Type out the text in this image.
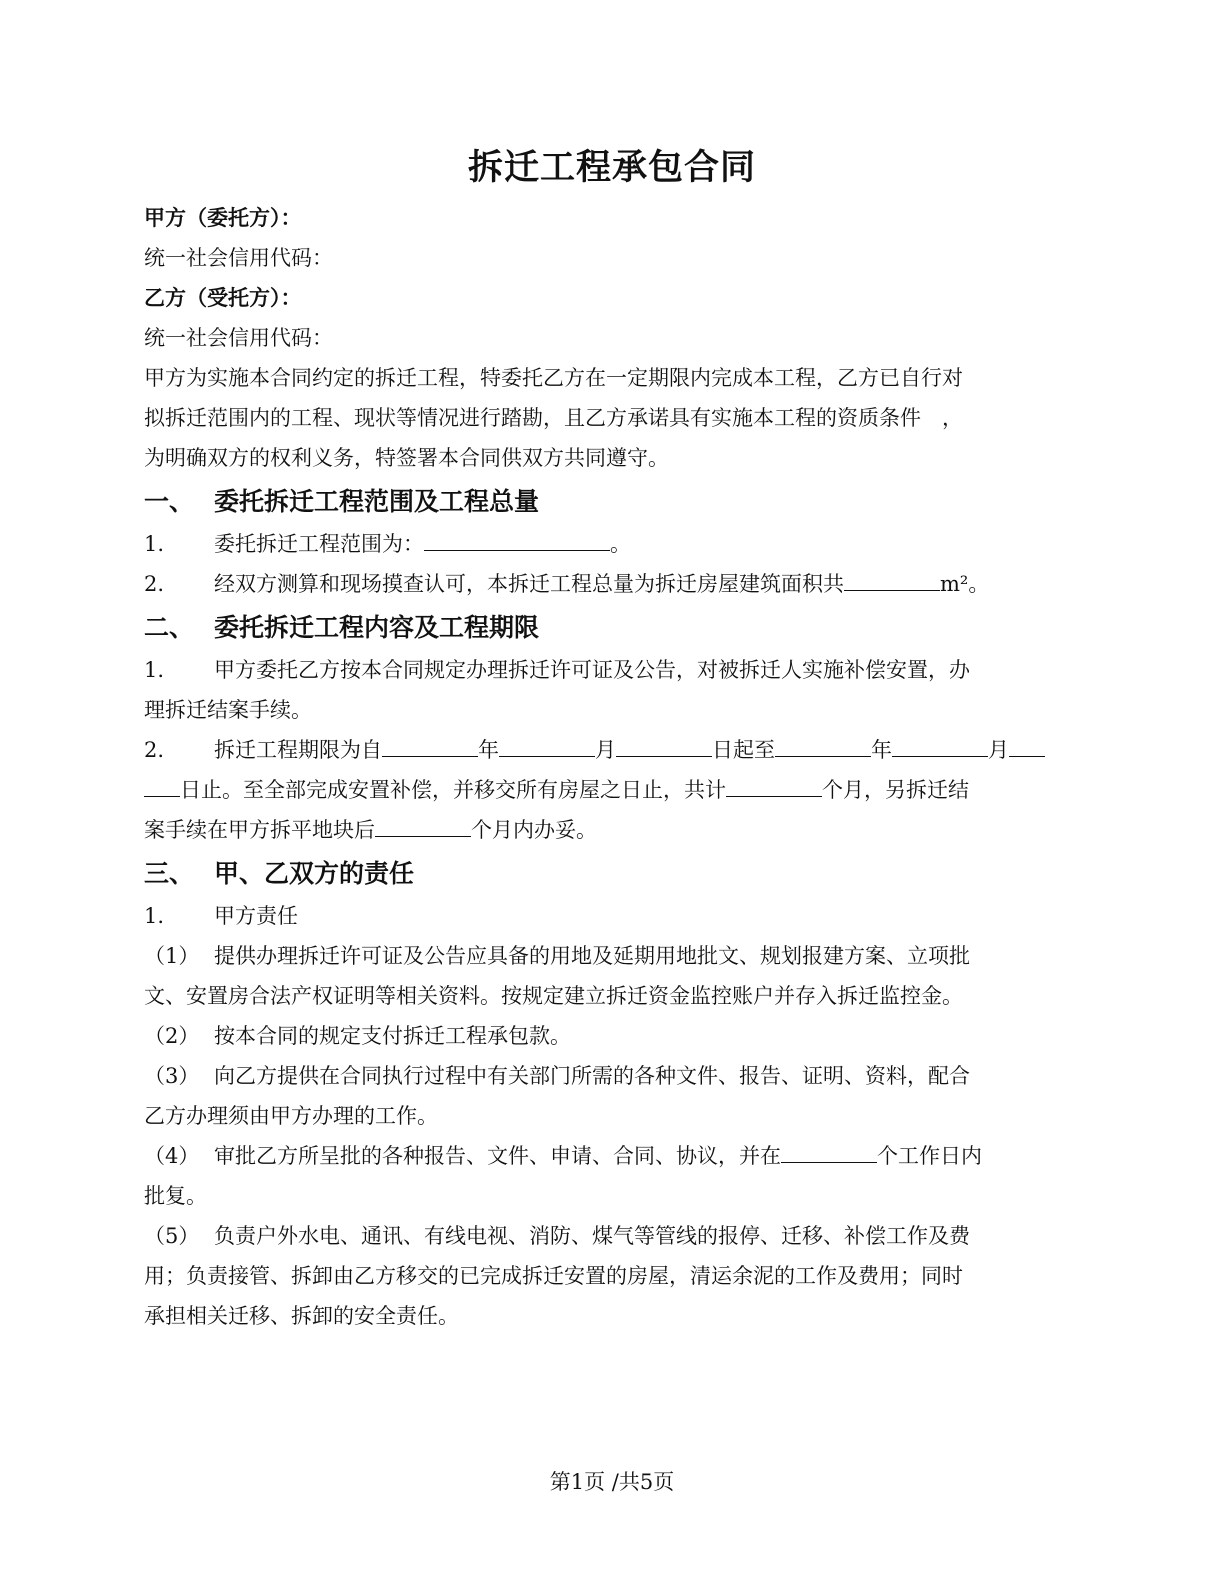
拆迁工程承包合同
甲方（委托方）：
统一社会信用代码：
乙方（受托方）：
统一社会信用代码：
甲方为实施本合同约定的拆迁工程，特委托乙方在一定期限内完成本工程，乙方已自行对
拟拆迁范围内的工程、现状等情况进行踏勘，且乙方承诺具有实施本工程的资质条件　，
为明确双方的权利义务，特签署本合同供双方共同遵守。
一、 委托拆迁工程范围及工程总量
1.	委托拆迁工程范围为：	。
2.	经双方测算和现场摸查认可，本拆迁工程总量为拆迁房屋建筑面积共	m²。
二、 委托拆迁工程内容及工程期限
1.	甲方委托乙方按本合同规定办理拆迁许可证及公告，对被拆迁人实施补偿安置，办
理拆迁结案手续。
2.	拆迁工程期限为自	年	月	日起至	年	月
日止。至全部完成安置补偿，并移交所有房屋之日止，共计	个月，另拆迁结
案手续在甲方拆平地块后	个月内办妥。
三、 甲、乙双方的责任
1.	甲方责任
（1） 提供办理拆迁许可证及公告应具备的用地及延期用地批文、规划报建方案、立项批
文、安置房合法产权证明等相关资料。按规定建立拆迁资金监控账户并存入拆迁监控金。
（2） 按本合同的规定支付拆迁工程承包款。
（3） 向乙方提供在合同执行过程中有关部门所需的各种文件、报告、证明、资料，配合
乙方办理须由甲方办理的工作。
（4） 审批乙方所呈批的各种报告、文件、申请、合同、协议，并在	个工作日内
批复。
（5） 负责户外水电、通讯、有线电视、消防、煤气等管线的报停、迁移、补偿工作及费
用；负责接管、拆卸由乙方移交的已完成拆迁安置的房屋，清运余泥的工作及费用；同时
承担相关迁移、拆卸的安全责任。
第1页 /共5页
